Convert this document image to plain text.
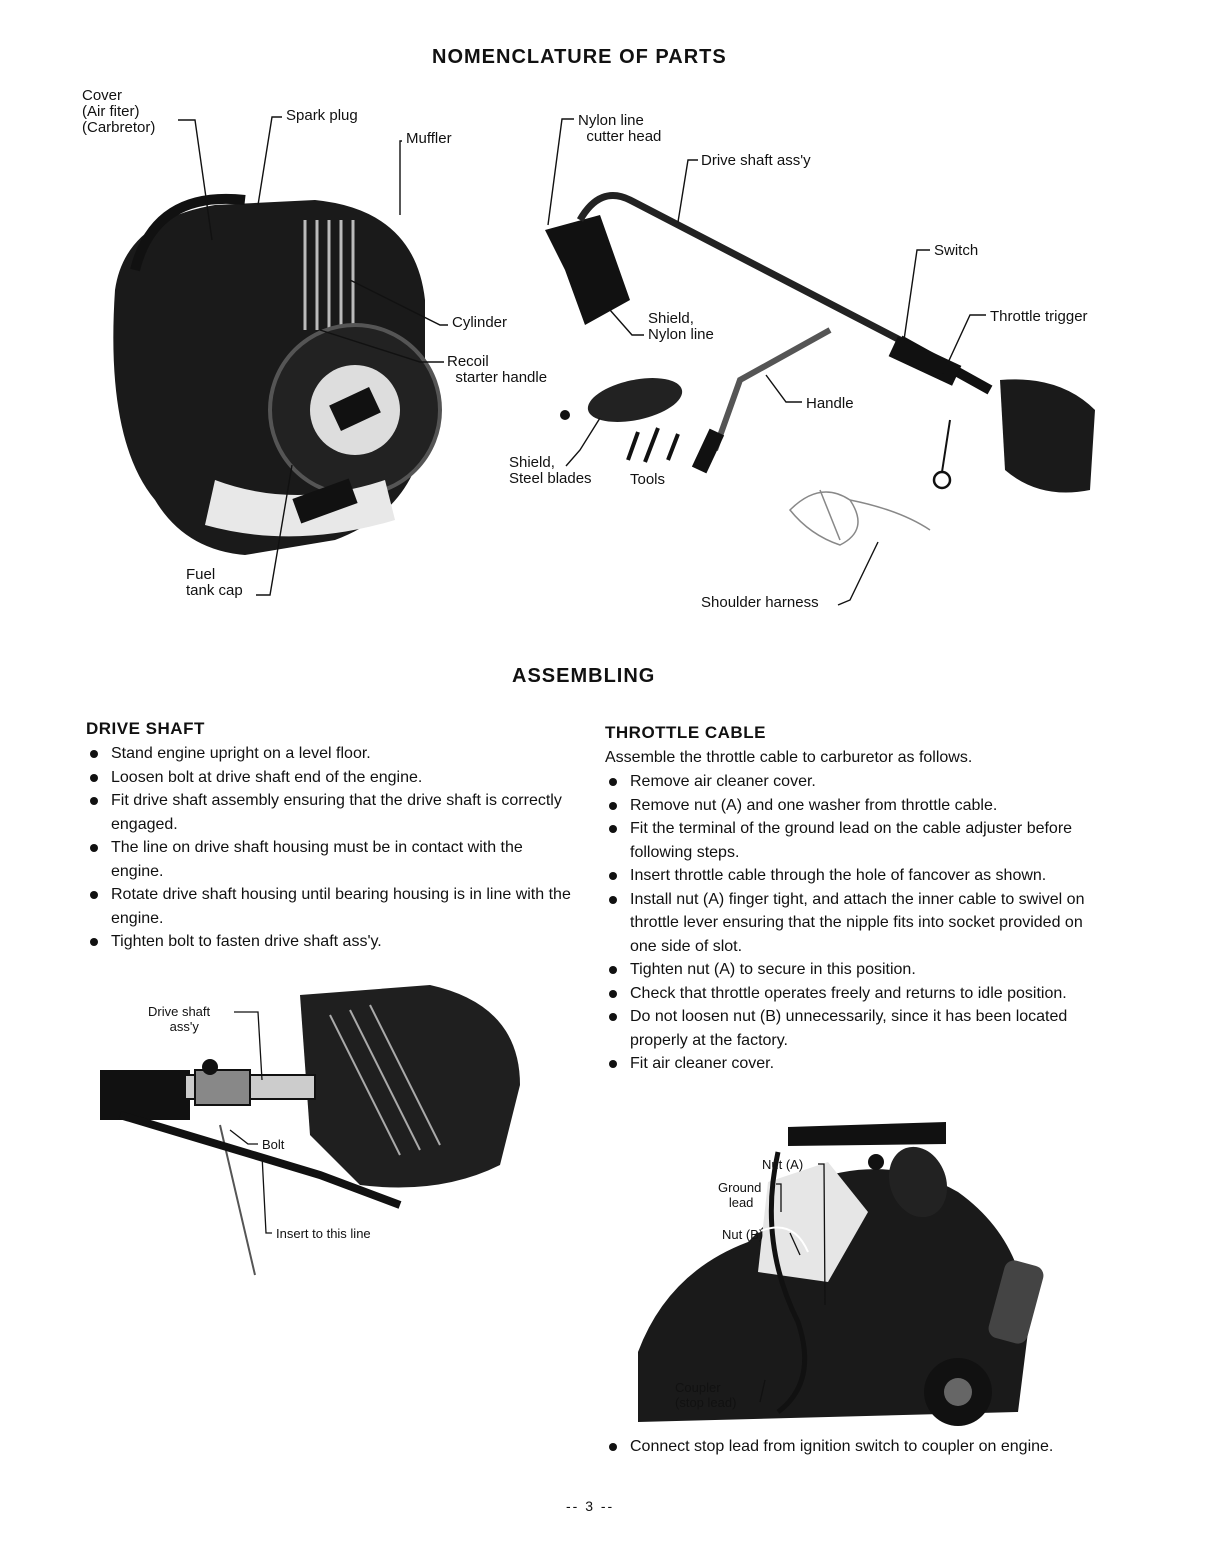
NOMENCLATURE OF PARTS
Cover
(Air fiter)
(Carbretor)
Spark plug
Muffler
Cylinder
Recoil
starter handle
Fuel
tank cap
Nylon line
cutter head
Drive shaft ass'y
Switch
Throttle trigger
Shield,
Nylon line
Handle
Shield,
Steel blades	Tools
Shoulder harness
ASSEMBLING
DRIVE SHAFT
Stand engine upright on a level floor.
Loosen bolt at drive shaft end of the engine.
Fit drive shaft assembly ensuring that the drive shaft is correctly engaged.
The line on drive shaft housing must be in contact with the engine.
Rotate drive shaft housing until bearing housing is in line with the engine.
Tighten bolt to fasten drive shaft ass'y.
Drive shaft
ass'y
Bolt
Insert to this line
THROTTLE CABLE
Assemble the throttle cable to carburetor as follows.
Remove air cleaner cover.
Remove nut (A) and one washer from throttle cable.
Fit the terminal of the ground lead on the cable adjuster before following steps.
Insert throttle cable through the hole of fancover as shown.
Install nut (A) finger tight, and attach the inner cable to swivel on throttle lever ensuring that the nipple fits into socket provided on one side of slot.
Tighten nut (A) to secure in this position.
Check that throttle operates freely and returns to idle position.
Do not loosen nut (B) unnecessarily, since it has been located properly at the factory.
Fit air cleaner cover.
Nut (A)
Ground
lead
Nut (B)
Coupler
(stop lead)
Connect stop lead from ignition switch to coupler on engine.
-- 3 --
